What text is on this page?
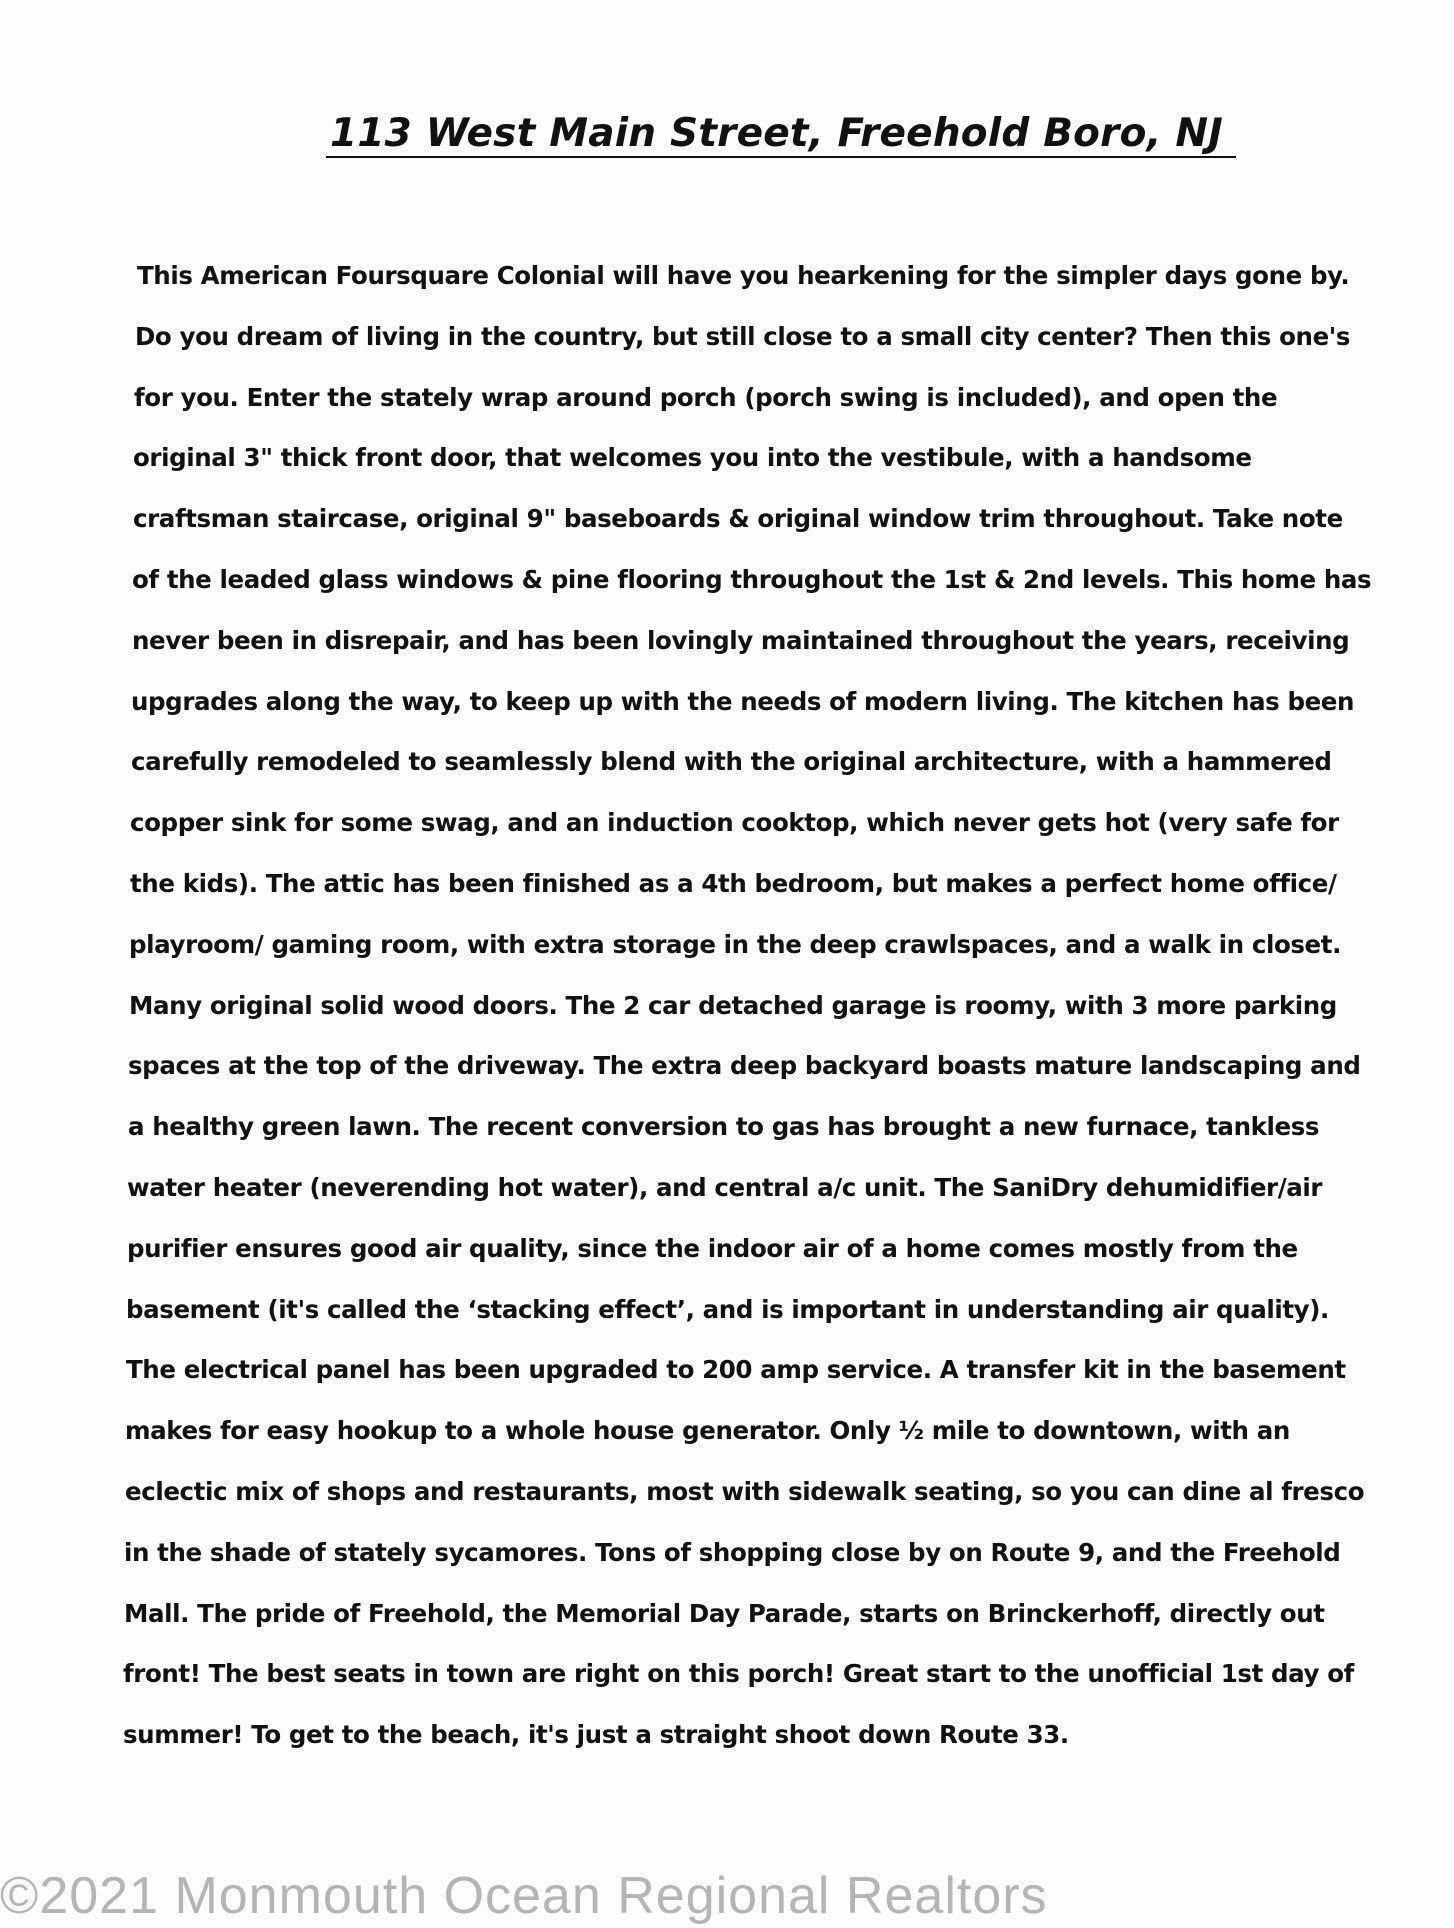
113 West Main Street, Freehold Boro, NJ
This American Foursquare Colonial will have you hearkening for the simpler days gone by.
Do you dream of living in the country, but still close to a small city center? Then this one's
for you. Enter the stately wrap around porch (porch swing is included), and open the
original 3" thick front door, that welcomes you into the vestibule, with a handsome
craftsman staircase, original 9" baseboards & original window trim throughout. Take note
of the leaded glass windows & pine flooring throughout the 1st & 2nd levels. This home has
never been in disrepair, and has been lovingly maintained throughout the years, receiving
upgrades along the way, to keep up with the needs of modern living. The kitchen has been
carefully remodeled to seamlessly blend with the original architecture, with a hammered
copper sink for some swag, and an induction cooktop, which never gets hot (very safe for
the kids). The attic has been finished as a 4th bedroom, but makes a perfect home office/
playroom/ gaming room, with extra storage in the deep crawlspaces, and a walk in closet.
Many original solid wood doors. The 2 car detached garage is roomy, with 3 more parking
spaces at the top of the driveway. The extra deep backyard boasts mature landscaping and
a healthy green lawn. The recent conversion to gas has brought a new furnace, tankless
water heater (neverending hot water), and central a/c unit. The SaniDry dehumidifier/air
purifier ensures good air quality, since the indoor air of a home comes mostly from the
basement (it's called the ‘stacking effect’, and is important in understanding air quality).
The electrical panel has been upgraded to 200 amp service. A transfer kit in the basement
makes for easy hookup to a whole house generator. Only ½ mile to downtown, with an
eclectic mix of shops and restaurants, most with sidewalk seating, so you can dine al fresco
in the shade of stately sycamores. Tons of shopping close by on Route 9, and the Freehold
Mall. The pride of Freehold, the Memorial Day Parade, starts on Brinckerhoff, directly out
front! The best seats in town are right on this porch! Great start to the unofficial 1st day of
summer! To get to the beach, it's just a straight shoot down Route 33.
©2021 Monmouth Ocean Regional Realtors
